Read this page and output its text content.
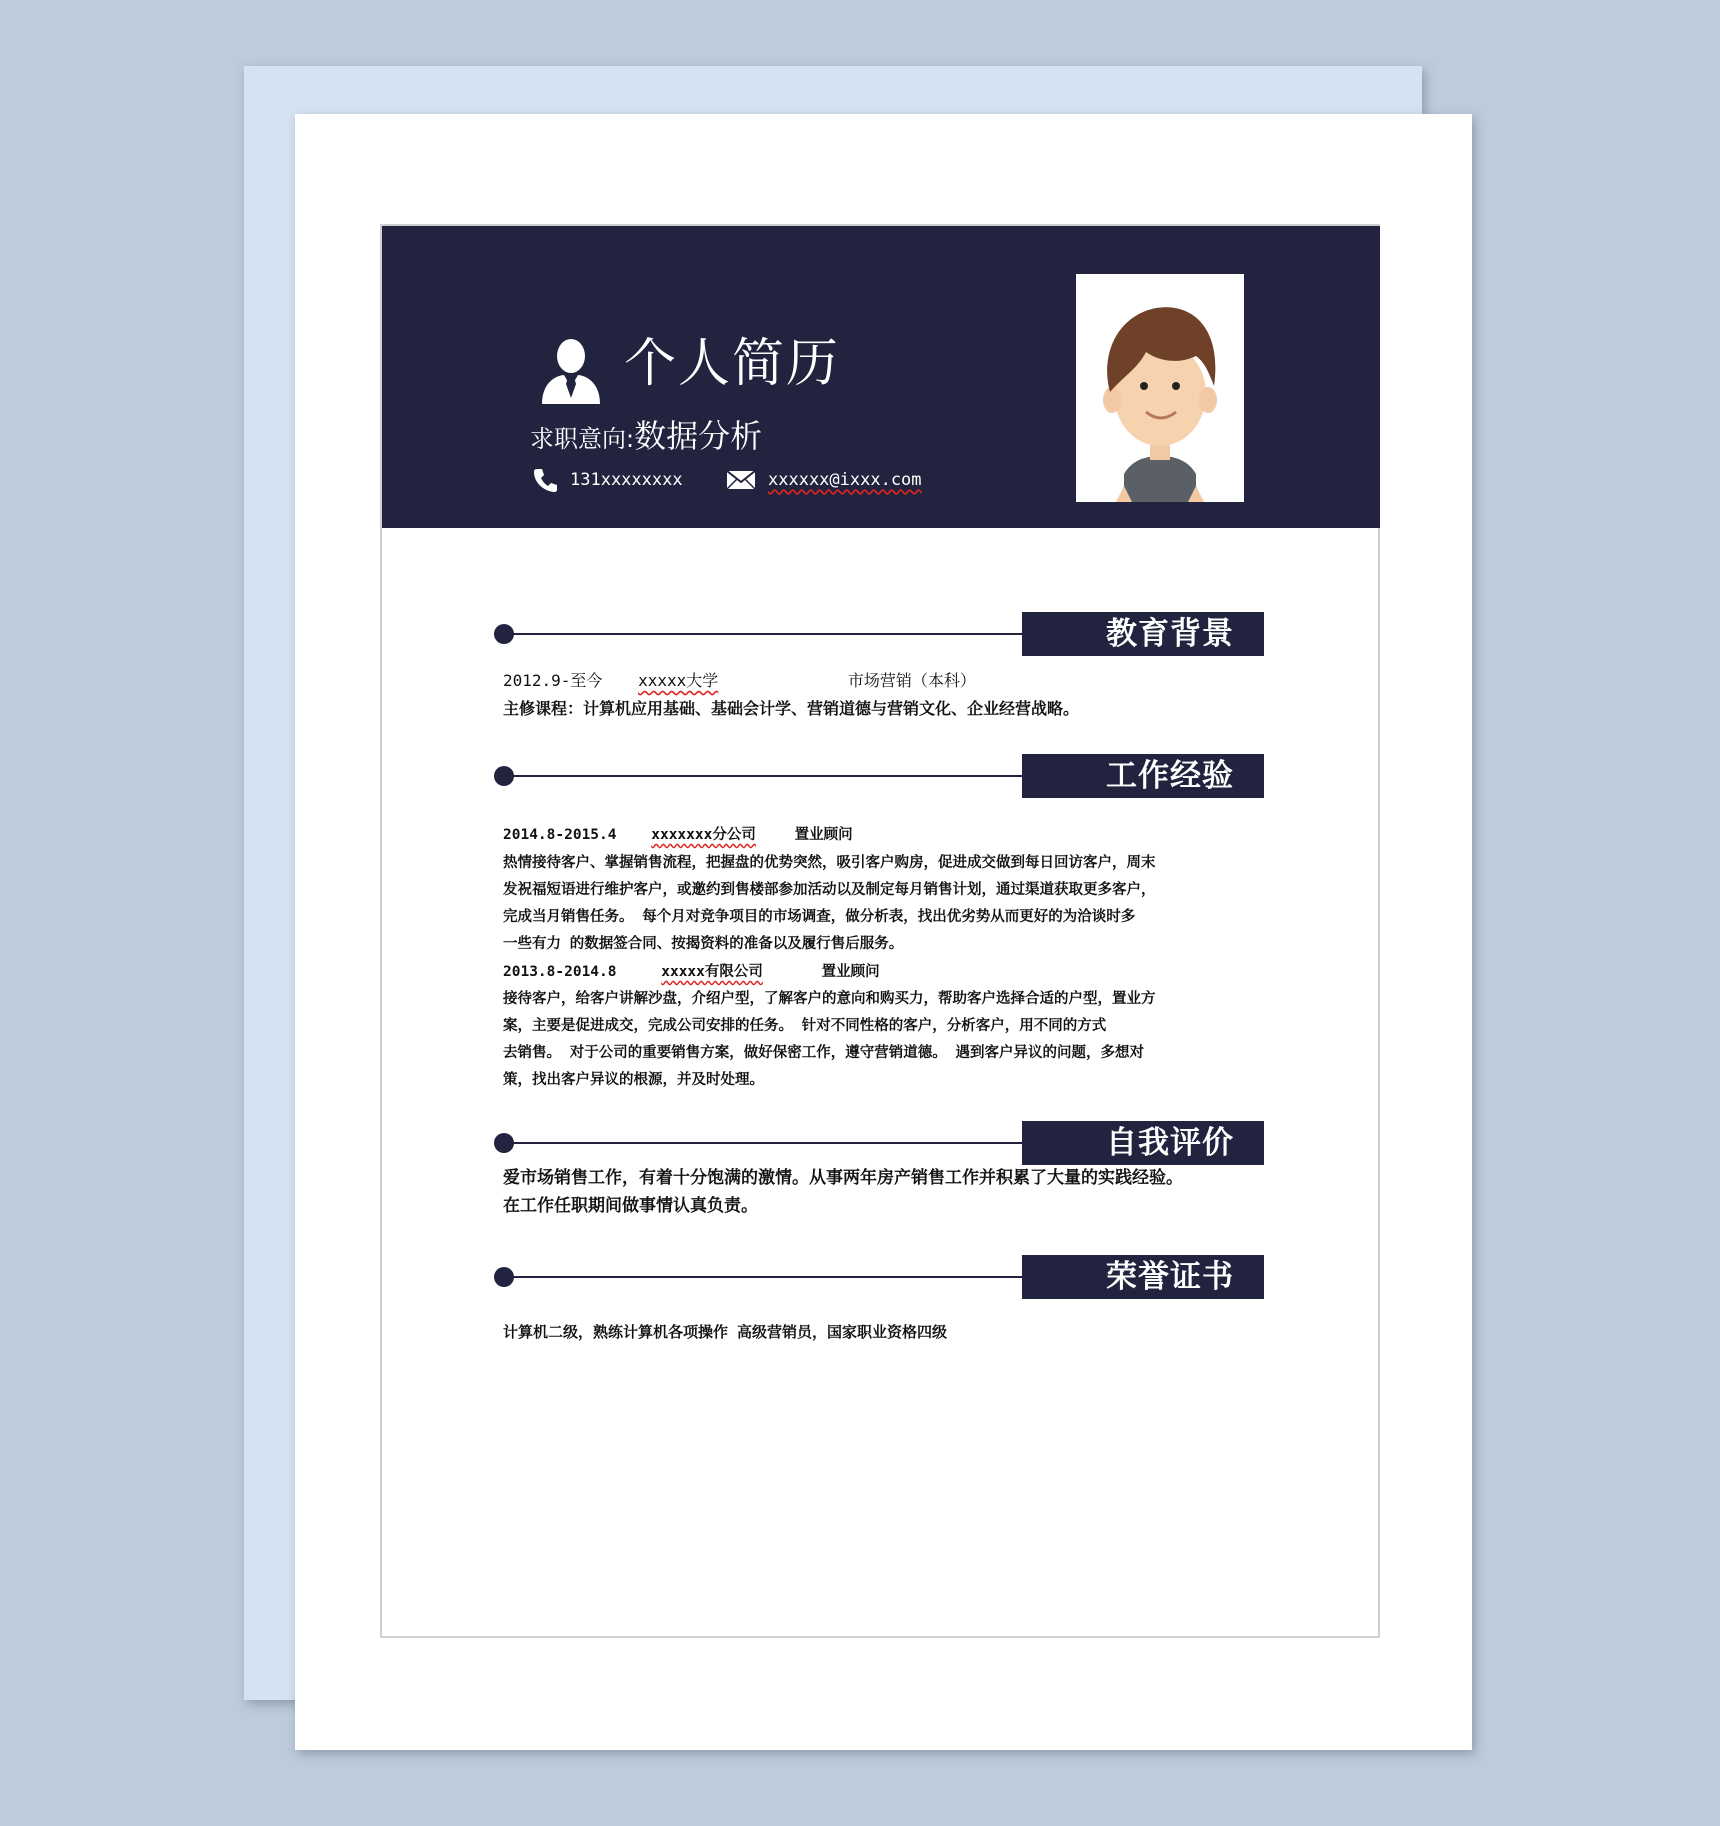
个人简历
求职意向:数据分析
131xxxxxxxx	xxxxxx@ixxx.com
教育背景
2012.9-至今 xxxxx大学	市场营销（本科）
主修课程：计算机应用基础、基础会计学、营销道德与营销文化、企业经营战略。
工作经验
2014.8-2015.4 xxxxxxx分公司	置业顾问
热情接待客户、掌握销售流程，把握盘的优势突然，吸引客户购房，促进成交做到每日回访客户，周末
发祝福短语进行维护客户，或邀约到售楼部参加活动以及制定每月销售计划，通过渠道获取更多客户，
完成当月销售任务。 每个月对竞争项目的市场调查，做分析表，找出优劣势从而更好的为洽谈时多
一些有力 的数据签合同、按揭资料的准备以及履行售后服务。
2013.8-2014.8	xxxxx有限公司	置业顾问
接待客户，给客户讲解沙盘，介绍户型，了解客户的意向和购买力，帮助客户选择合适的户型，置业方
案，主要是促进成交，完成公司安排的任务。 针对不同性格的客户，分析客户，用不同的方式
去销售。 对于公司的重要销售方案，做好保密工作，遵守营销道德。 遇到客户异议的问题，多想对
策，找出客户异议的根源，并及时处理。
自我评价
爱市场销售工作，有着十分饱满的激情。从事两年房产销售工作并积累了大量的实践经验。
在工作任职期间做事情认真负责。
荣誉证书
计算机二级，熟练计算机各项操作 高级营销员，国家职业资格四级
